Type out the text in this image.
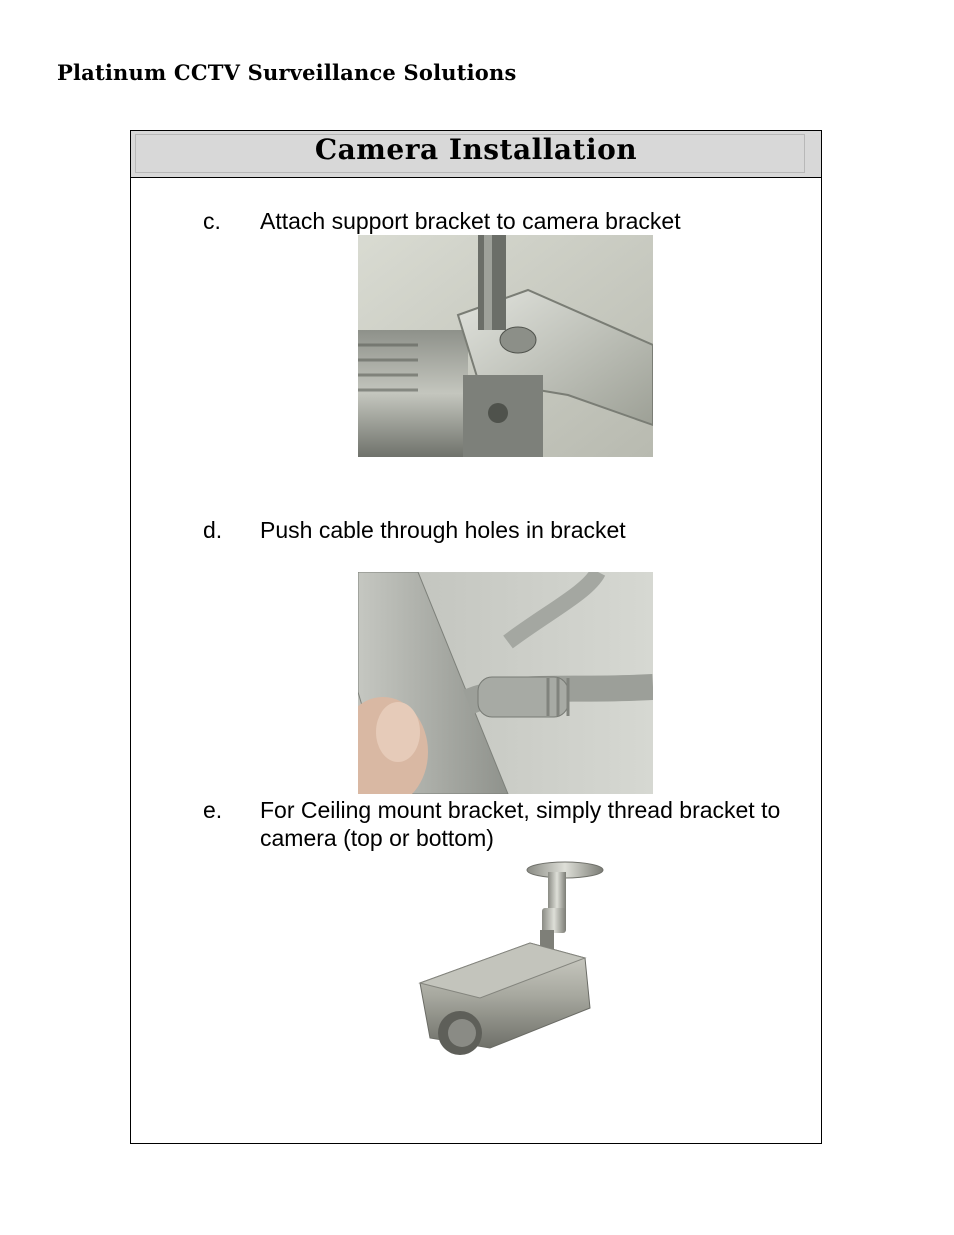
Platinum CCTV Surveillance Solutions
Camera Installation
c. Attach support bracket to camera bracket
d. Push cable through holes in bracket
e. For Ceiling mount bracket, simply thread bracket to camera (top or bottom)
